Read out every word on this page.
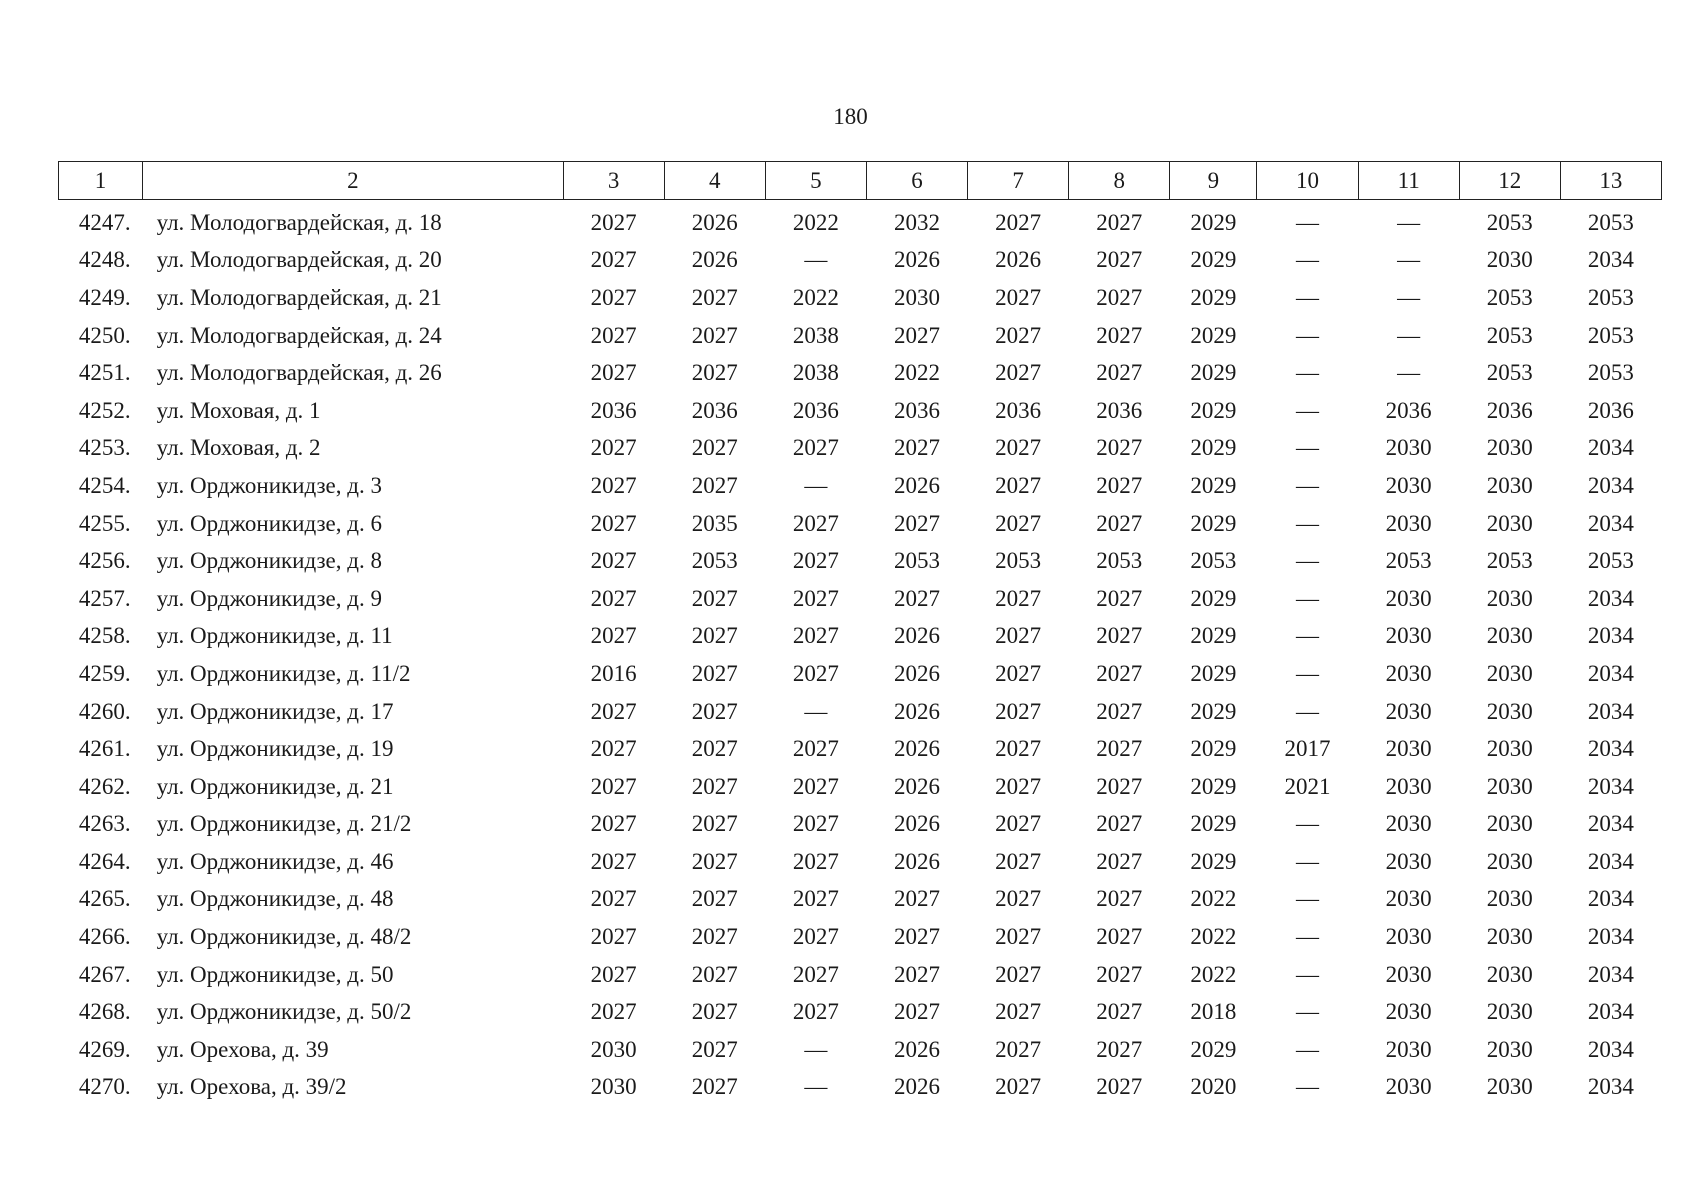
180
1	2	3	4	5	6	7	8	9	10	11	12	13
4247.	ул. Молодогвардейская, д. 18	2027	2026	2022	2032	2027	2027	2029	—	—	2053	2053
4248.	ул. Молодогвардейская, д. 20	2027	2026	—	2026	2026	2027	2029	—	—	2030	2034
4249.	ул. Молодогвардейская, д. 21	2027	2027	2022	2030	2027	2027	2029	—	—	2053	2053
4250.	ул. Молодогвардейская, д. 24	2027	2027	2038	2027	2027	2027	2029	—	—	2053	2053
4251.	ул. Молодогвардейская, д. 26	2027	2027	2038	2022	2027	2027	2029	—	—	2053	2053
4252.	ул. Моховая, д. 1	2036	2036	2036	2036	2036	2036	2029	—	2036	2036	2036
4253.	ул. Моховая, д. 2	2027	2027	2027	2027	2027	2027	2029	—	2030	2030	2034
4254.	ул. Орджоникидзе, д. 3	2027	2027	—	2026	2027	2027	2029	—	2030	2030	2034
4255.	ул. Орджоникидзе, д. 6	2027	2035	2027	2027	2027	2027	2029	—	2030	2030	2034
4256.	ул. Орджоникидзе, д. 8	2027	2053	2027	2053	2053	2053	2053	—	2053	2053	2053
4257.	ул. Орджоникидзе, д. 9	2027	2027	2027	2027	2027	2027	2029	—	2030	2030	2034
4258.	ул. Орджоникидзе, д. 11	2027	2027	2027	2026	2027	2027	2029	—	2030	2030	2034
4259.	ул. Орджоникидзе, д. 11/2	2016	2027	2027	2026	2027	2027	2029	—	2030	2030	2034
4260.	ул. Орджоникидзе, д. 17	2027	2027	—	2026	2027	2027	2029	—	2030	2030	2034
4261.	ул. Орджоникидзе, д. 19	2027	2027	2027	2026	2027	2027	2029	2017	2030	2030	2034
4262.	ул. Орджоникидзе, д. 21	2027	2027	2027	2026	2027	2027	2029	2021	2030	2030	2034
4263.	ул. Орджоникидзе, д. 21/2	2027	2027	2027	2026	2027	2027	2029	—	2030	2030	2034
4264.	ул. Орджоникидзе, д. 46	2027	2027	2027	2026	2027	2027	2029	—	2030	2030	2034
4265.	ул. Орджоникидзе, д. 48	2027	2027	2027	2027	2027	2027	2022	—	2030	2030	2034
4266.	ул. Орджоникидзе, д. 48/2	2027	2027	2027	2027	2027	2027	2022	—	2030	2030	2034
4267.	ул. Орджоникидзе, д. 50	2027	2027	2027	2027	2027	2027	2022	—	2030	2030	2034
4268.	ул. Орджоникидзе, д. 50/2	2027	2027	2027	2027	2027	2027	2018	—	2030	2030	2034
4269.	ул. Орехова, д. 39	2030	2027	—	2026	2027	2027	2029	—	2030	2030	2034
4270.	ул. Орехова, д. 39/2	2030	2027	—	2026	2027	2027	2020	—	2030	2030	2034
